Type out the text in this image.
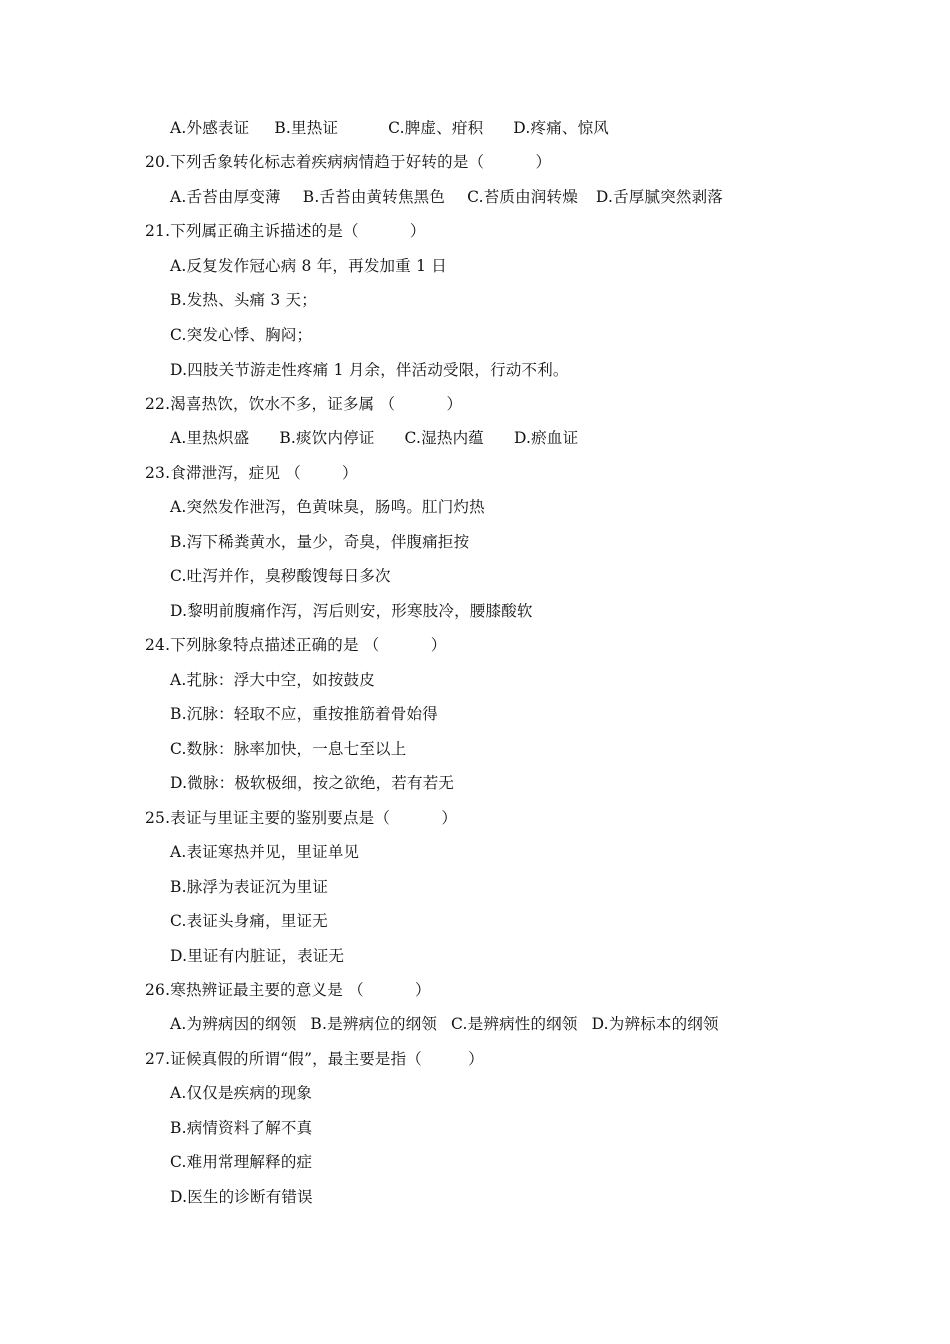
A.外感表证 B.里热证	C.脾虚、疳积 D.疼痛、惊风
20.下列舌象转化标志着疾病病情趋于好转的是（          ）
A.舌苔由厚变薄 B.舌苔由黄转焦黑色 C.苔质由润转燥 D.舌厚腻突然剥落
21.下列属正确主诉描述的是（          ）
A.反复发作冠心病 8 年，再发加重 1 日
B.发热、头痛 3 天；
C.突发心悸、胸闷；
D.四肢关节游走性疼痛 1 月余，伴活动受限，行动不利。
22.渴喜热饮，饮水不多，证多属 （          ）
A.里热炽盛 B.痰饮内停证 C.湿热内蕴 D.瘀血证
23.食滞泄泻，症见 （        ）
A.突然发作泄泻，色黄味臭，肠鸣。肛门灼热
B.泻下稀粪黄水，量少，奇臭，伴腹痛拒按
C.吐泻并作，臭秽酸馊每日多次
D.黎明前腹痛作泻，泻后则安，形寒肢冷，腰膝酸软
24.下列脉象特点描述正确的是 （          ）
A.芤脉：浮大中空，如按鼓皮
B.沉脉：轻取不应，重按推筋着骨始得
C.数脉：脉率加快，一息七至以上
D.微脉：极软极细，按之欲绝，若有若无
25.表证与里证主要的鉴别要点是（          ）
A.表证寒热并见，里证单见
B.脉浮为表证沉为里证
C.表证头身痛，里证无
D.里证有内脏证，表证无
26.寒热辨证最主要的意义是 （          ）
A.为辨病因的纲领 B.是辨病位的纲领 C.是辨病性的纲领 D.为辨标本的纲领
27.证候真假的所谓“假”，最主要是指（         ）
A.仅仅是疾病的现象
B.病情资料了解不真
C.难用常理解释的症
D.医生的诊断有错误
